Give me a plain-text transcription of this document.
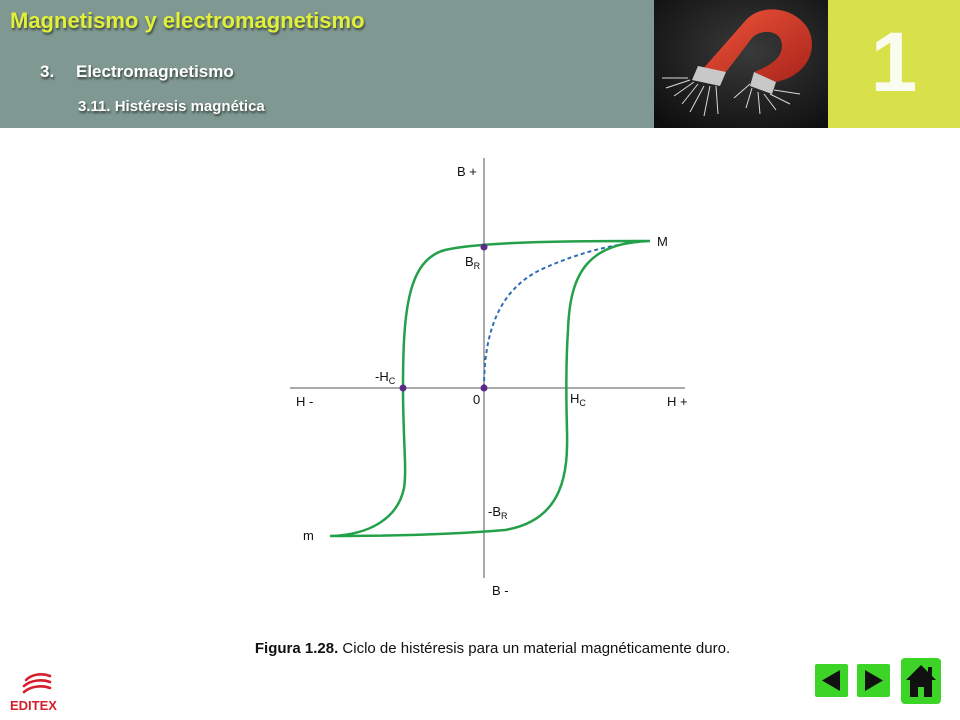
Magnetismo y electromagnetismo
3. Electromagnetismo
3.11. Histéresis magnética	1
B +
B -
H +
H -	0
M
m
$B_R$
$-B_R$
$H_C$
$-H_C$
Figura 1.28. Ciclo de histéresis para un material magnéticamente duro.
EDITEX
